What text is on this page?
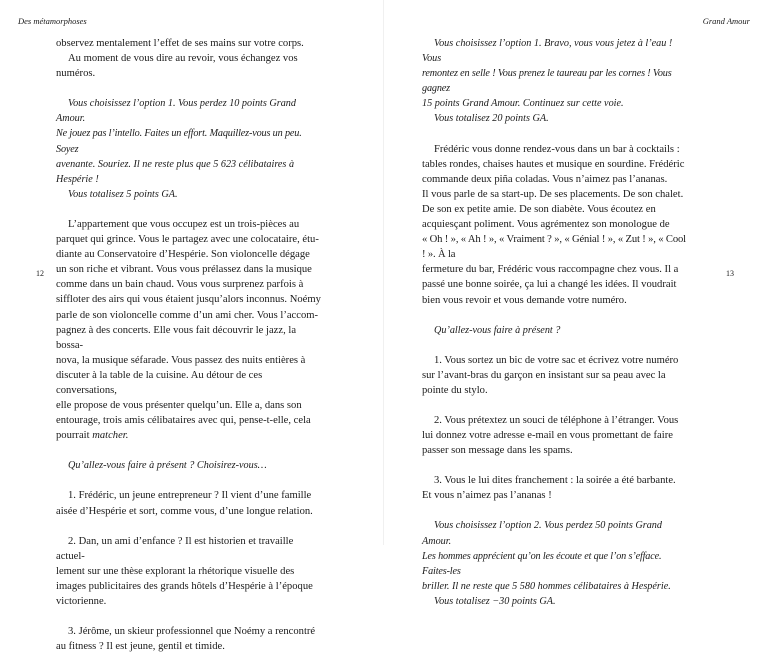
Des métamorphoses
12

observez mentalement l’effet de ses mains sur votre corps.

Au moment de vous dire au revoir, vous échangez vos numéros.

Vous choisissez l’option 1. Vous perdez 10 points Grand Amour.

Ne jouez pas l’intello. Faites un effort. Maquillez-vous un peu. Soyez

avenante. Souriez. Il ne reste plus que 5 623 célibataires à Hespérie !

Vous totalisez 5 points GA.

L’appartement que vous occupez est un trois-pièces au

parquet qui grince. Vous le partagez avec une colocataire, étu-

diante au Conservatoire d’Hespérie. Son violoncelle dégage

un son riche et vibrant. Vous vous prélassez dans la musique

comme dans un bain chaud. Vous vous surprenez parfois à

siffloter des airs qui vous étaient jusqu’alors inconnus. Noémy

parle de son violoncelle comme d’un ami cher. Vous l’accom-

pagnez à des concerts. Elle vous fait découvrir le jazz, la bossa-

nova, la musique séfarade. Vous passez des nuits entières à

discuter à la table de la cuisine. Au détour de ces conversations,

elle propose de vous présenter quelqu’un. Elle a, dans son

entourage, trois amis célibataires avec qui, pense-t-elle, cela

pourrait matcher.

Qu’allez-vous faire à présent ? Choisirez-vous…

1. Frédéric, un jeune entrepreneur ? Il vient d’une famille

aisée d’Hespérie et sort, comme vous, d’une longue relation.

2. Dan, un ami d’enfance ? Il est historien et travaille actuel-

lement sur une thèse explorant la rhétorique visuelle des

images publicitaires des grands hôtels d’Hespérie à l’époque

victorienne.

3. Jérôme, un skieur professionnel que Noémy a rencontré

au fitness ? Il est jeune, gentil et timide.

Grand Amour
13

Vous choisissez l’option 1. Bravo, vous vous jetez à l’eau ! Vous

remontez en selle ! Vous prenez le taureau par les cornes ! Vous gagnez

15 points Grand Amour. Continuez sur cette voie.

Vous totalisez 20 points GA.

Frédéric vous donne rendez-vous dans un bar à cocktails :

tables rondes, chaises hautes et musique en sourdine. Frédéric

commande deux piña coladas. Vous n’aimez pas l’ananas.

Il vous parle de sa start-up. De ses placements. De son chalet.

De son ex petite amie. De son diabète. Vous écoutez en

acquiesçant poliment. Vous agrémentez son monologue de

« Oh ! », « Ah ! », « Vraiment ? », « Génial ! », « Zut ! », « Cool ! ». À la

fermeture du bar, Frédéric vous raccompagne chez vous. Il a

passé une bonne soirée, ça lui a changé les idées. Il voudrait

bien vous revoir et vous demande votre numéro.

Qu’allez-vous faire à présent ?

1. Vous sortez un bic de votre sac et écrivez votre numéro

sur l’avant-bras du garçon en insistant sur sa peau avec la

pointe du stylo.

2. Vous prétextez un souci de téléphone à l’étranger. Vous

lui donnez votre adresse e-mail en vous promettant de faire

passer son message dans les spams.

3. Vous le lui dites franchement : la soirée a été barbante.

Et vous n’aimez pas l’ananas !

Vous choisissez l’option 2. Vous perdez 50 points Grand Amour.

Les hommes apprécient qu’on les écoute et que l’on s’efface. Faites-les

briller. Il ne reste que 5 580 hommes célibataires à Hespérie.

Vous totalisez −30 points GA.
